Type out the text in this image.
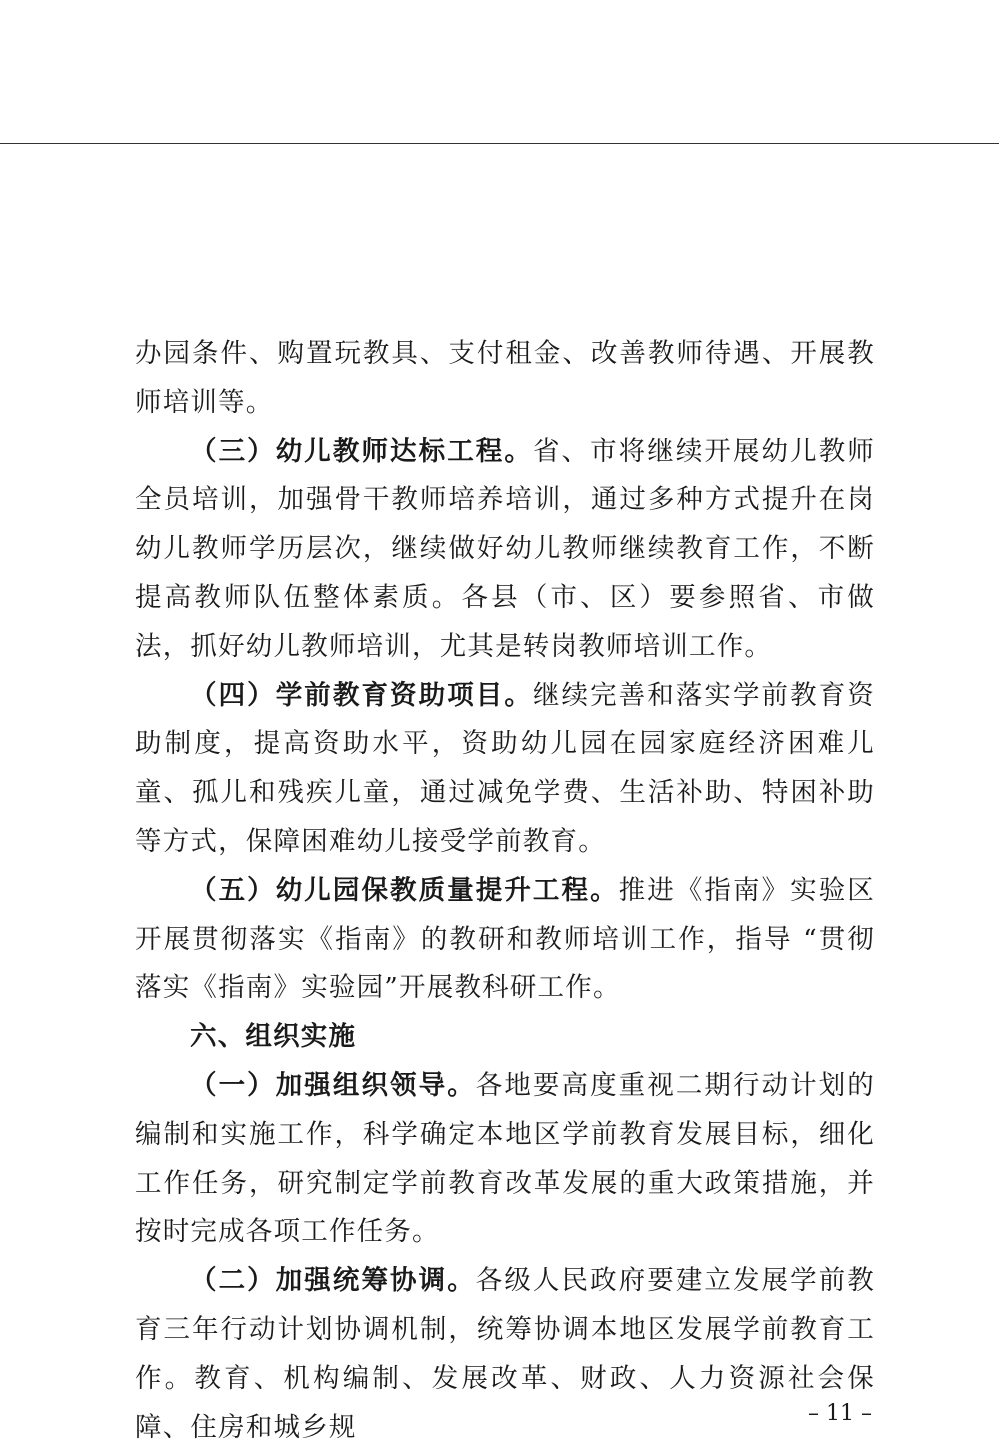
办园条件、购置玩教具、支付租金、改善教师待遇、开展教师培训等。

（三）幼儿教师达标工程。省、市将继续开展幼儿教师全员培训，加强骨干教师培养培训，通过多种方式提升在岗幼儿教师学历层次，继续做好幼儿教师继续教育工作，不断提高教师队伍整体素质。各县（市、区）要参照省、市做法，抓好幼儿教师培训，尤其是转岗教师培训工作。

（四）学前教育资助项目。继续完善和落实学前教育资助制度，提高资助水平，资助幼儿园在园家庭经济困难儿童、孤儿和残疾儿童，通过减免学费、生活补助、特困补助等方式，保障困难幼儿接受学前教育。

（五）幼儿园保教质量提升工程。推进《指南》实验区开展贯彻落实《指南》的教研和教师培训工作，指导 “贯彻落实《指南》实验园”开展教科研工作。

六、组织实施

（一）加强组织领导。各地要高度重视二期行动计划的编制和实施工作，科学确定本地区学前教育发展目标，细化工作任务，研究制定学前教育改革发展的重大政策措施，并按时完成各项工作任务。

（二）加强统筹协调。各级人民政府要建立发展学前教育三年行动计划协调机制，统筹协调本地区发展学前教育工作。教育、机构编制、发展改革、财政、人力资源社会保障、住房和城乡规	– 11 –
